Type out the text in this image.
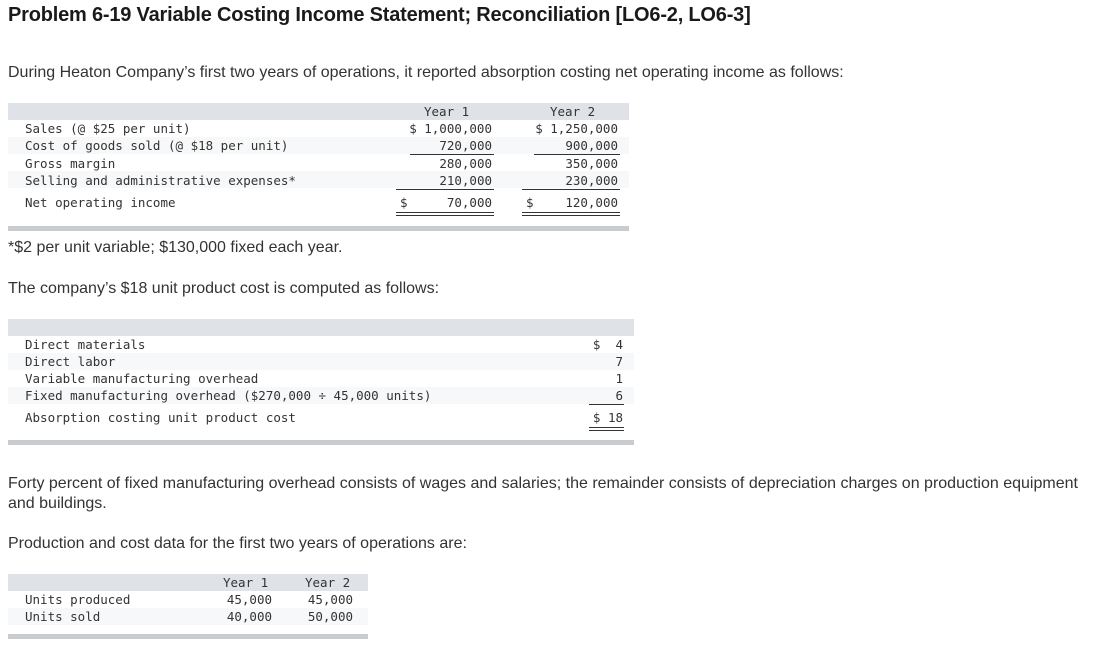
Problem 6-19 Variable Costing Income Statement; Reconciliation [LO6-2, LO6-3]
During Heaton Company’s first two years of operations, it reported absorption costing net operating income as follows:
Year 1	Year 2
Sales (@ $25 per unit)	$ 1,000,000	$ 1,250,000
Cost of goods sold (@ $18 per unit)	720,000	900,000
Gross margin	280,000	350,000
Selling and administrative expenses*	210,000	230,000
Net operating income	$	70,000	$	120,000
*$2 per unit variable; $130,000 fixed each year.
The company’s $18 unit product cost is computed as follows:
Direct materials	$  4
Direct labor	7
Variable manufacturing overhead	1
Fixed manufacturing overhead ($270,000 ÷ 45,000 units)	6
Absorption costing unit product cost	$ 18
Forty percent of fixed manufacturing overhead consists of wages and salaries; the remainder consists of depreciation charges on production equipment and buildings.
Production and cost data for the first two years of operations are:
Year 1	Year 2
Units produced	45,000	45,000
Units sold	40,000	50,000
